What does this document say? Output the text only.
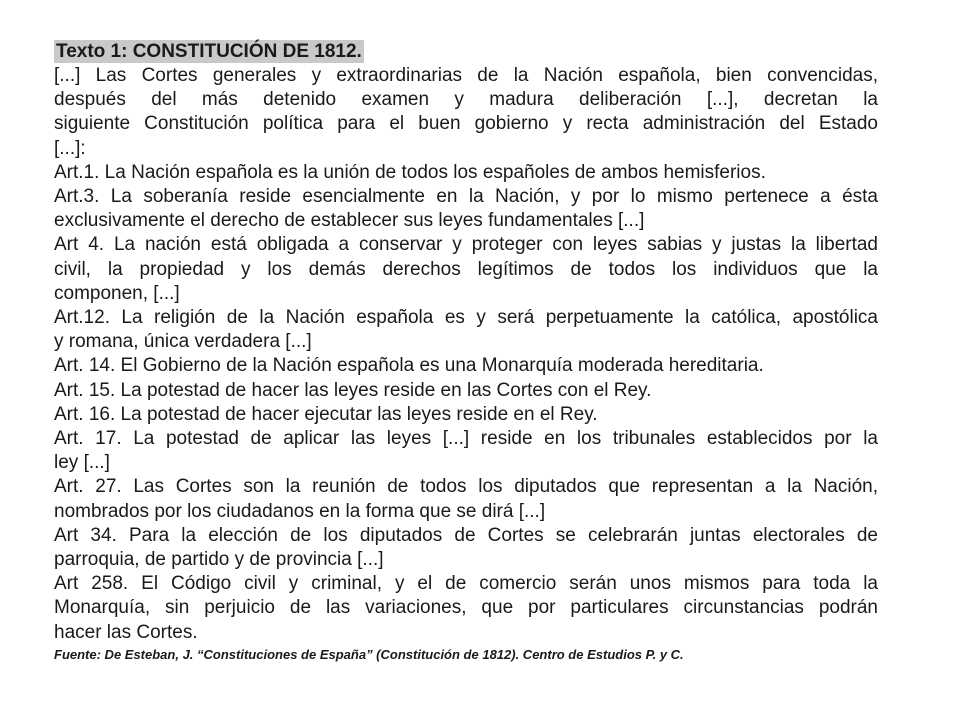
Texto 1: CONSTITUCIÓN DE 1812.
[...] Las Cortes generales y extraordinarias de la Nación española, bien convencidas,
después del más detenido examen y madura deliberación [...], decretan la
siguiente Constitución política para el buen gobierno y recta administración del Estado
[...]:
Art.1. La Nación española es la unión de todos los españoles de ambos hemisferios.
Art.3. La soberanía reside esencialmente en la Nación, y por lo mismo pertenece a ésta
exclusivamente el derecho de establecer sus leyes fundamentales [...]
Art 4. La nación está obligada a conservar y proteger con leyes sabias y justas la libertad
civil, la propiedad y los demás derechos legítimos de todos los individuos que la
componen, [...]
Art.12. La religión de la Nación española es y será perpetuamente la católica, apostólica
y romana, única verdadera [...]
Art. 14. El Gobierno de la Nación española es una Monarquía moderada hereditaria.
Art. 15. La potestad de hacer las leyes reside en las Cortes con el Rey.
Art. 16. La potestad de hacer ejecutar las leyes reside en el Rey.
Art. 17. La potestad de aplicar las leyes [...] reside en los tribunales establecidos por la
ley [...]
Art. 27. Las Cortes son la reunión de todos los diputados que representan a la Nación,
nombrados por los ciudadanos en la forma que se dirá [...]
Art 34. Para la elección de los diputados de Cortes se celebrarán juntas electorales de
parroquia, de partido y de provincia [...]
Art 258. El Código civil y criminal, y el de comercio serán unos mismos para toda la
Monarquía, sin perjuicio de las variaciones, que por particulares circunstancias podrán
hacer las Cortes.
Fuente: De Esteban, J. “Constituciones de España” (Constitución de 1812). Centro de Estudios P. y C.
